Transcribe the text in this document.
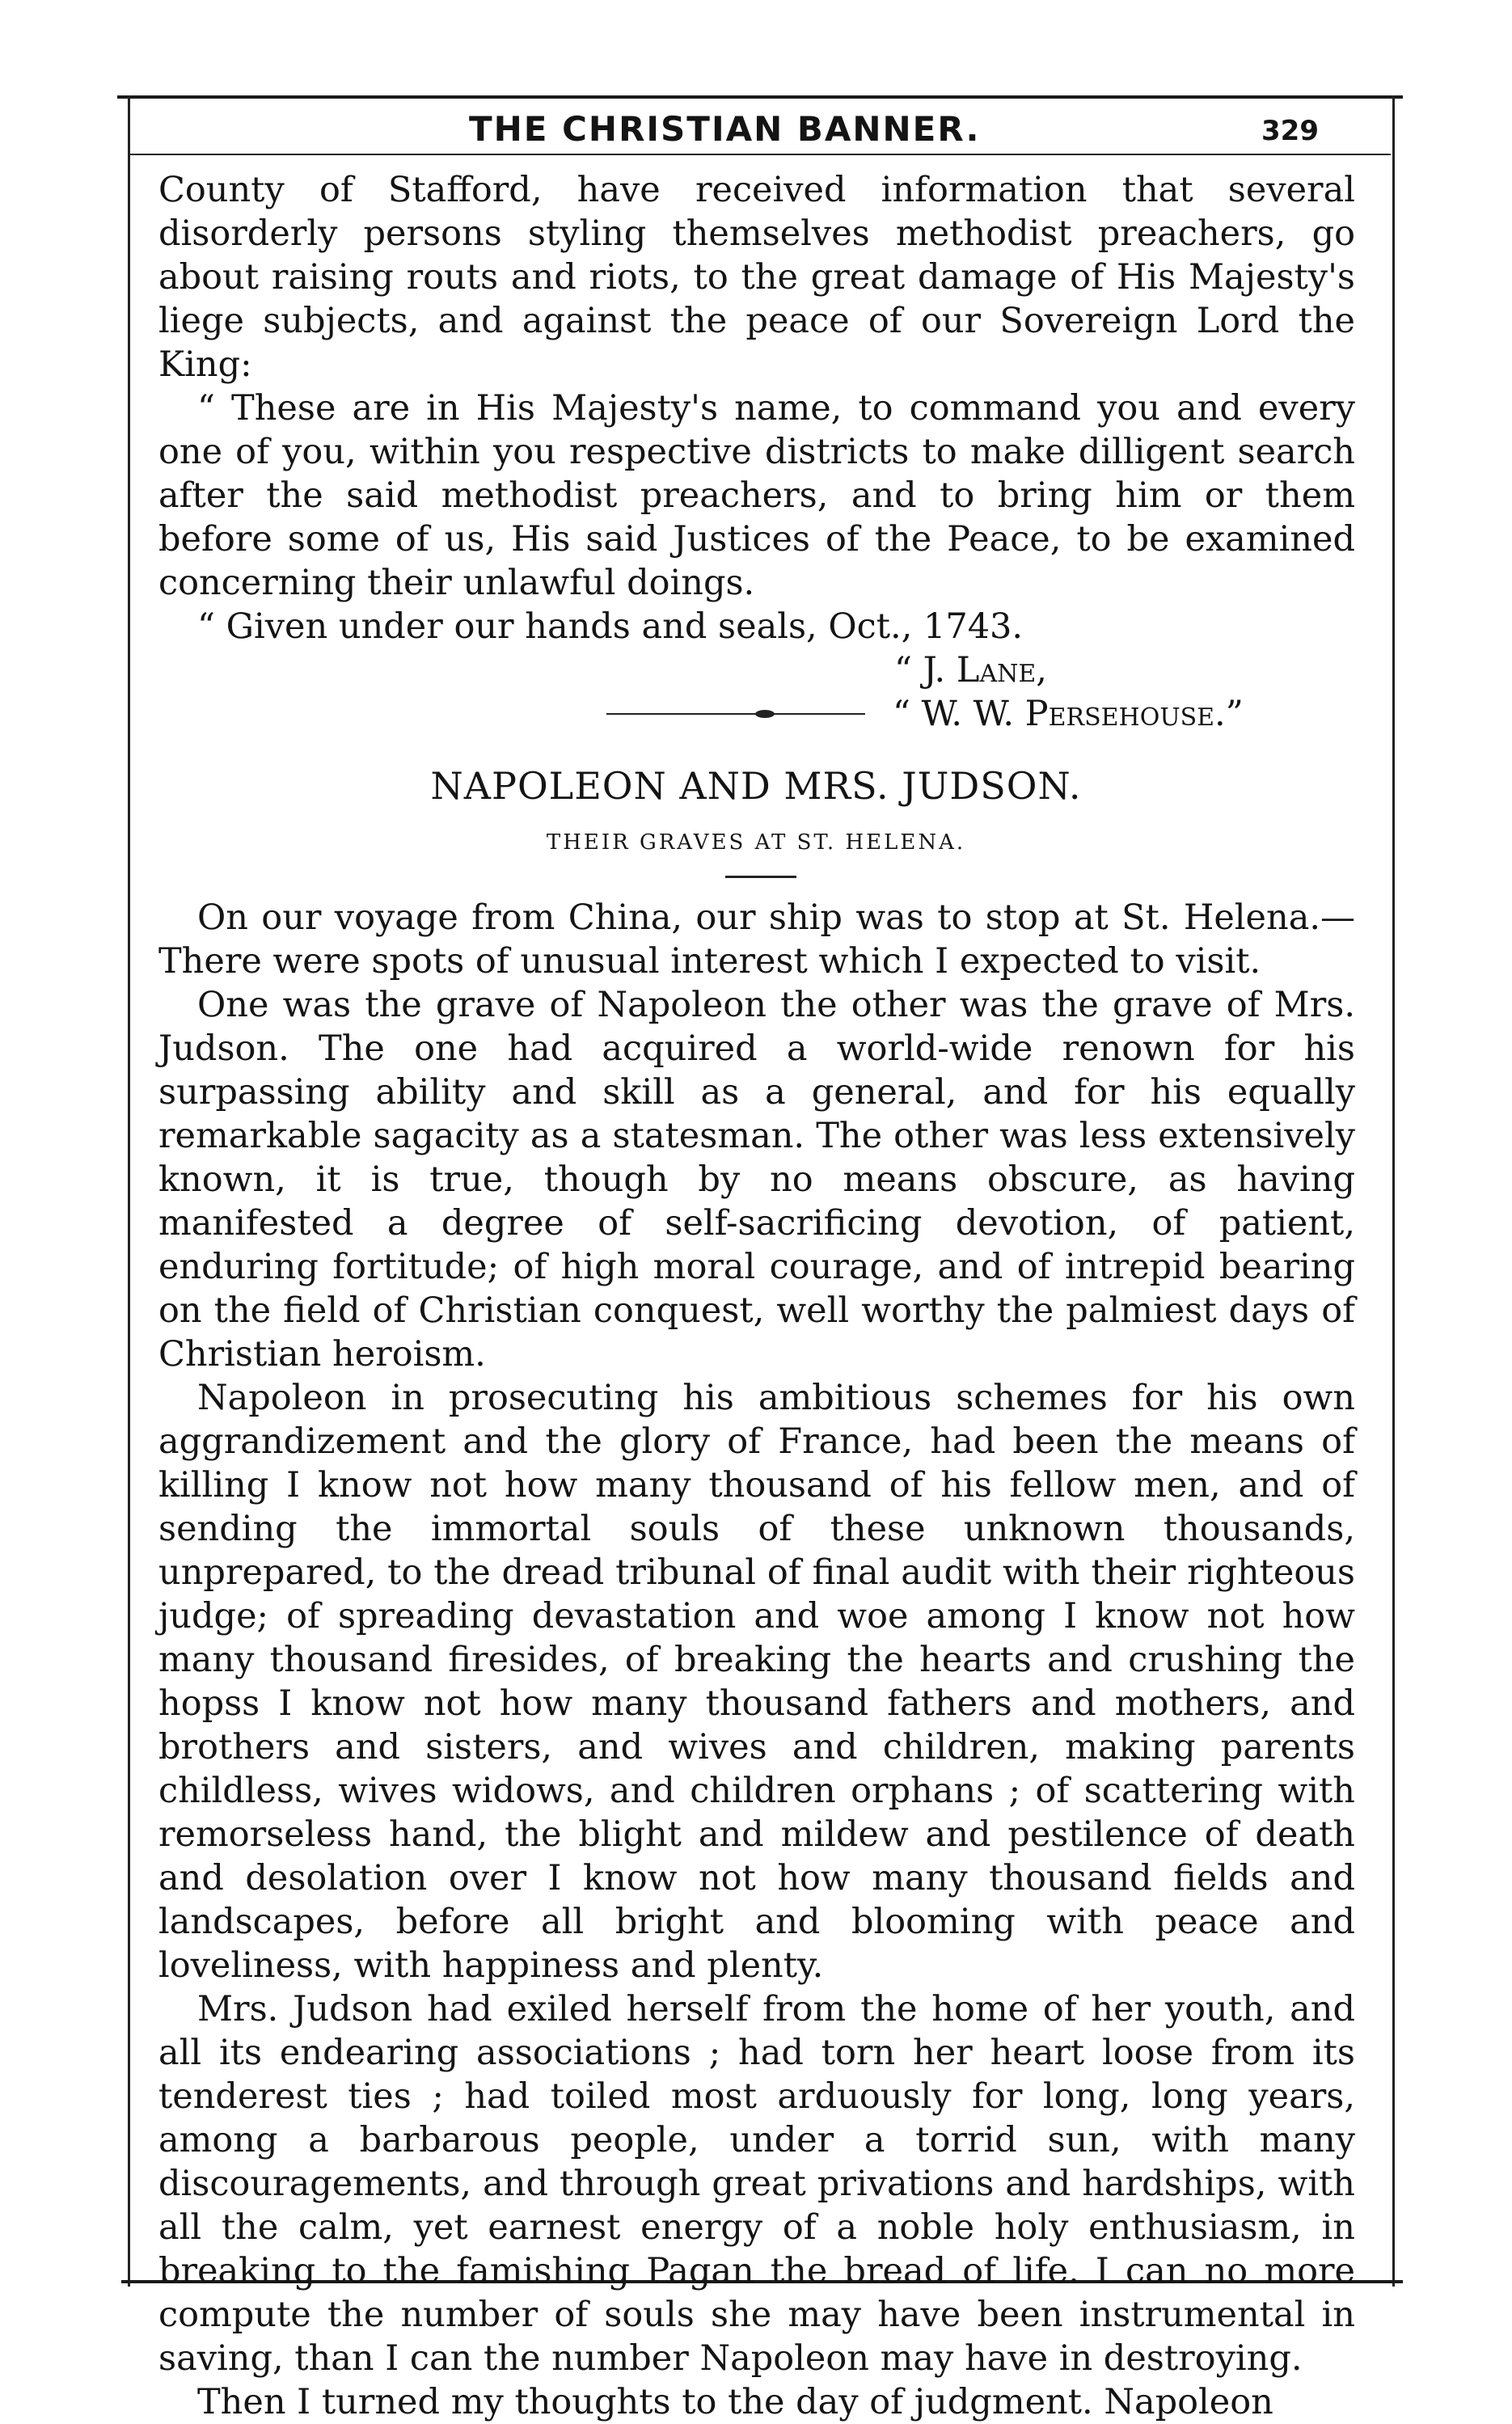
THE CHRISTIAN BANNER.	329

County of Stafford, have received information that several disorderly persons styling themselves methodist preachers, go about raising routs and riots, to the great damage of His Majesty's liege subjects, and against the peace of our Sovereign Lord the King:

“ These are in His Majesty's name, to command you and every one of you, within you respective districts to make dilligent search after the said methodist preachers, and to bring him or them before some of us, His said Justices of the Peace, to be examined concerning their unlawful doings.

“ Given under our hands and seals, Oct., 1743.

“ J. Lane,

“ W. W. Persehouse.”

NAPOLEON AND MRS. JUDSON.

THEIR GRAVES AT ST. HELENA.

On our voyage from China, our ship was to stop at St. Helena.— There were spots of unusual interest which I expected to visit.

One was the grave of Napoleon the other was the grave of Mrs. Judson. The one had acquired a world-wide renown for his surpassing ability and skill as a general, and for his equally remarkable sagacity as a statesman. The other was less extensively known, it is true, though by no means obscure, as having manifested a degree of self-sacrificing devotion, of patient, enduring fortitude; of high moral courage, and of intrepid bearing on the field of Christian conquest, well worthy the palmiest days of Christian heroism.

Napoleon in prosecuting his ambitious schemes for his own aggrandizement and the glory of France, had been the means of killing I know not how many thousand of his fellow men, and of sending the immortal souls of these unknown thousands, unprepared, to the dread tribunal of final audit with their righteous judge; of spreading devastation and woe among I know not how many thousand firesides, of breaking the hearts and crushing the hopss I know not how many thousand fathers and mothers, and brothers and sisters, and wives and children, making parents childless, wives widows, and children orphans ; of scattering with remorseless hand, the blight and mildew and pestilence of death and desolation over I know not how many thousand fields and landscapes, before all bright and blooming with peace and loveliness, with happiness and plenty.

Mrs. Judson had exiled herself from the home of her youth, and all its endearing associations ; had torn her heart loose from its tenderest ties ; had toiled most arduously for long, long years, among a barbarous people, under a torrid sun, with many discouragements, and through great privations and hardships, with all the calm, yet earnest energy of a noble holy enthusiasm, in breaking to the famishing Pagan the bread of life. I can no more compute the number of souls she may have been instrumental in saving, than I can the number Napoleon may have in destroying.

Then I turned my thoughts to the day of judgment. Napoleon
